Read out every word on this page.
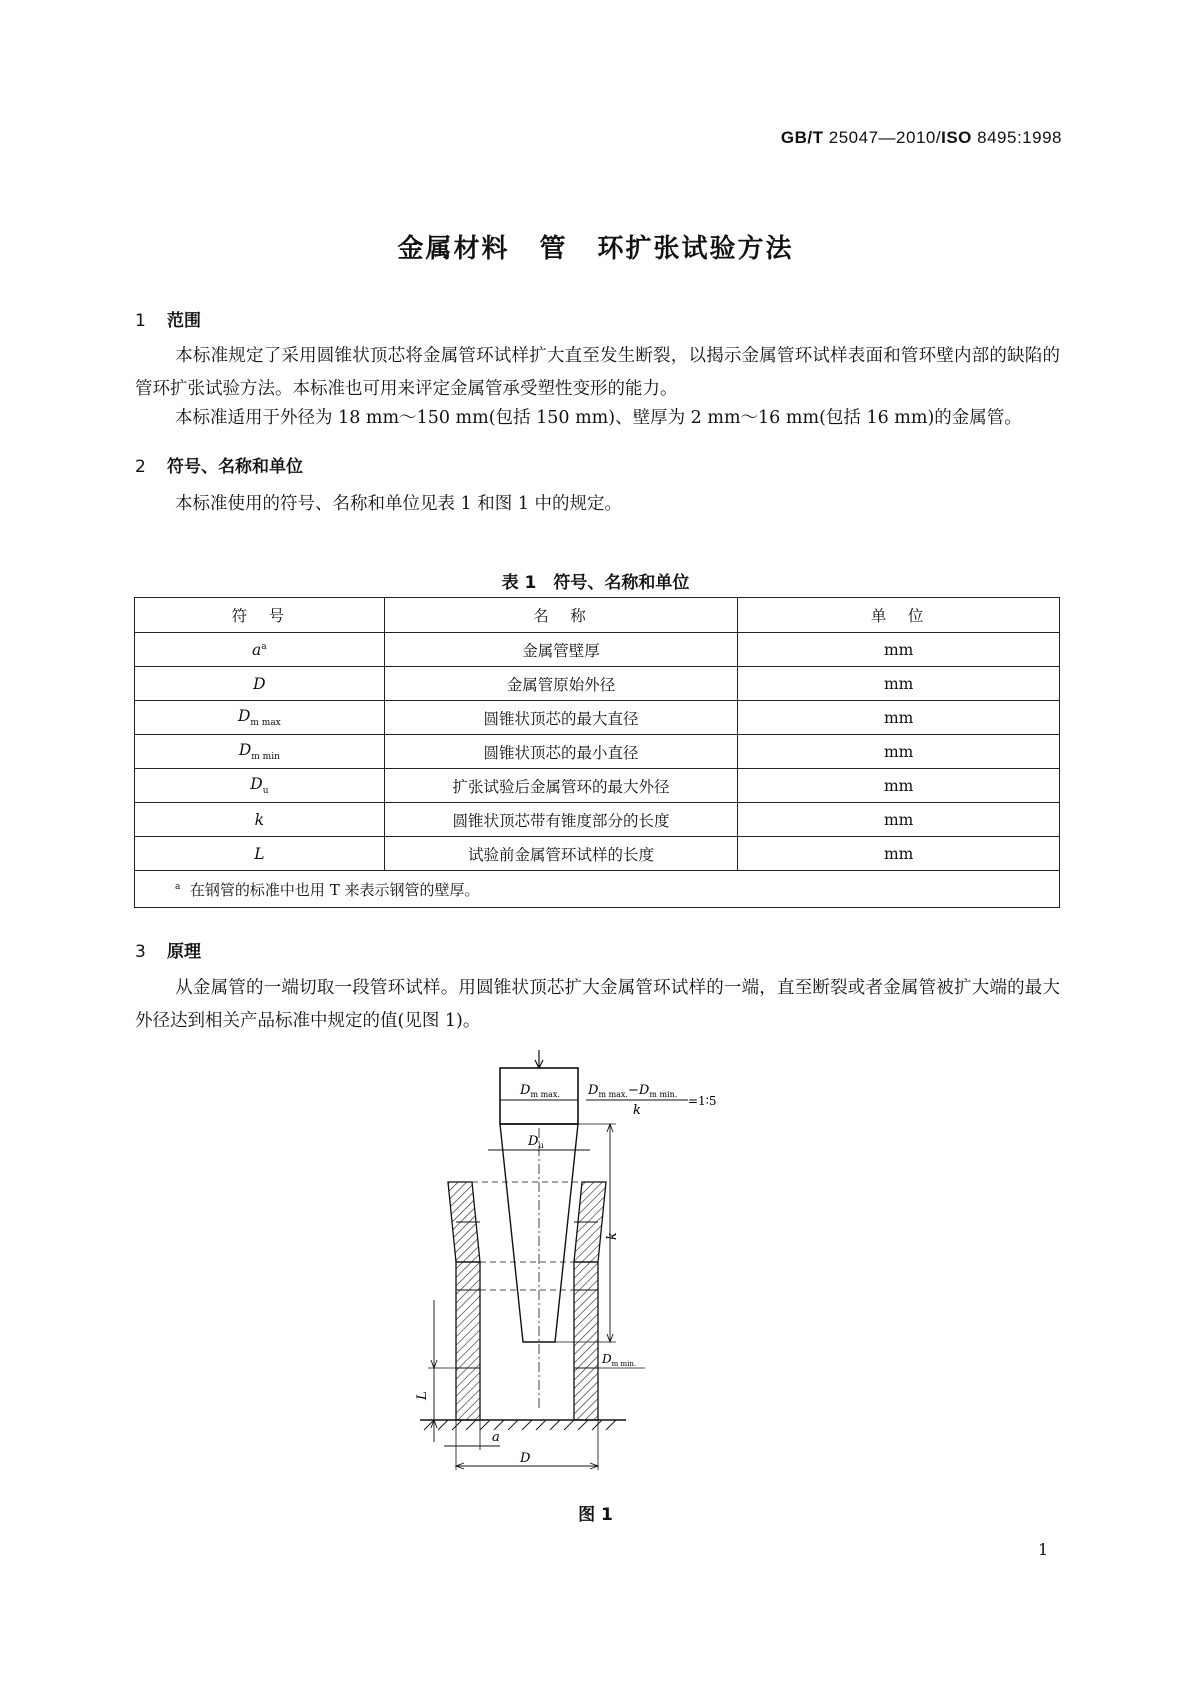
GB/T 25047—2010/ISO 8495:1998
金属材料 管 环扩张试验方法
1 范围
本标准规定了采用圆锥状顶芯将金属管环试样扩大直至发生断裂，以揭示金属管环试样表面和管环壁内部的缺陷的管环扩张试验方法。本标准也可用来评定金属管承受塑性变形的能力。
本标准适用于外径为 18 mm～150 mm(包括 150 mm)、壁厚为 2 mm～16 mm(包括 16 mm)的金属管。
2 符号、名称和单位
本标准使用的符号、名称和单位见表 1 和图 1 中的规定。
表 1　符号、名称和单位
符　号	名　称	单　位
$a^a$	金属管壁厚	mm
D	金属管原始外径	mm
$D_{m max}$	圆锥状顶芯的最大直径	mm
$D_{m min}$	圆锥状顶芯的最小直径	mm
$D_u$	扩张试验后金属管环的最大外径	mm
k	圆锥状顶芯带有锥度部分的长度	mm
L	试验前金属管环试样的长度	mm
$^a$ 在钢管的标准中也用 T 来表示钢管的壁厚。		
3 原理
从金属管的一端切取一段管环试样。用圆锥状顶芯扩大金属管环试样的一端，直至断裂或者金属管被扩大端的最大外径达到相关产品标准中规定的值(见图 1)。
$D_{m max.}$ $D_{m max.}-D_{m min.}$
k
=1∶5
$D_u$
k
$D_{m min.}$
L
a
D
图 1
1
